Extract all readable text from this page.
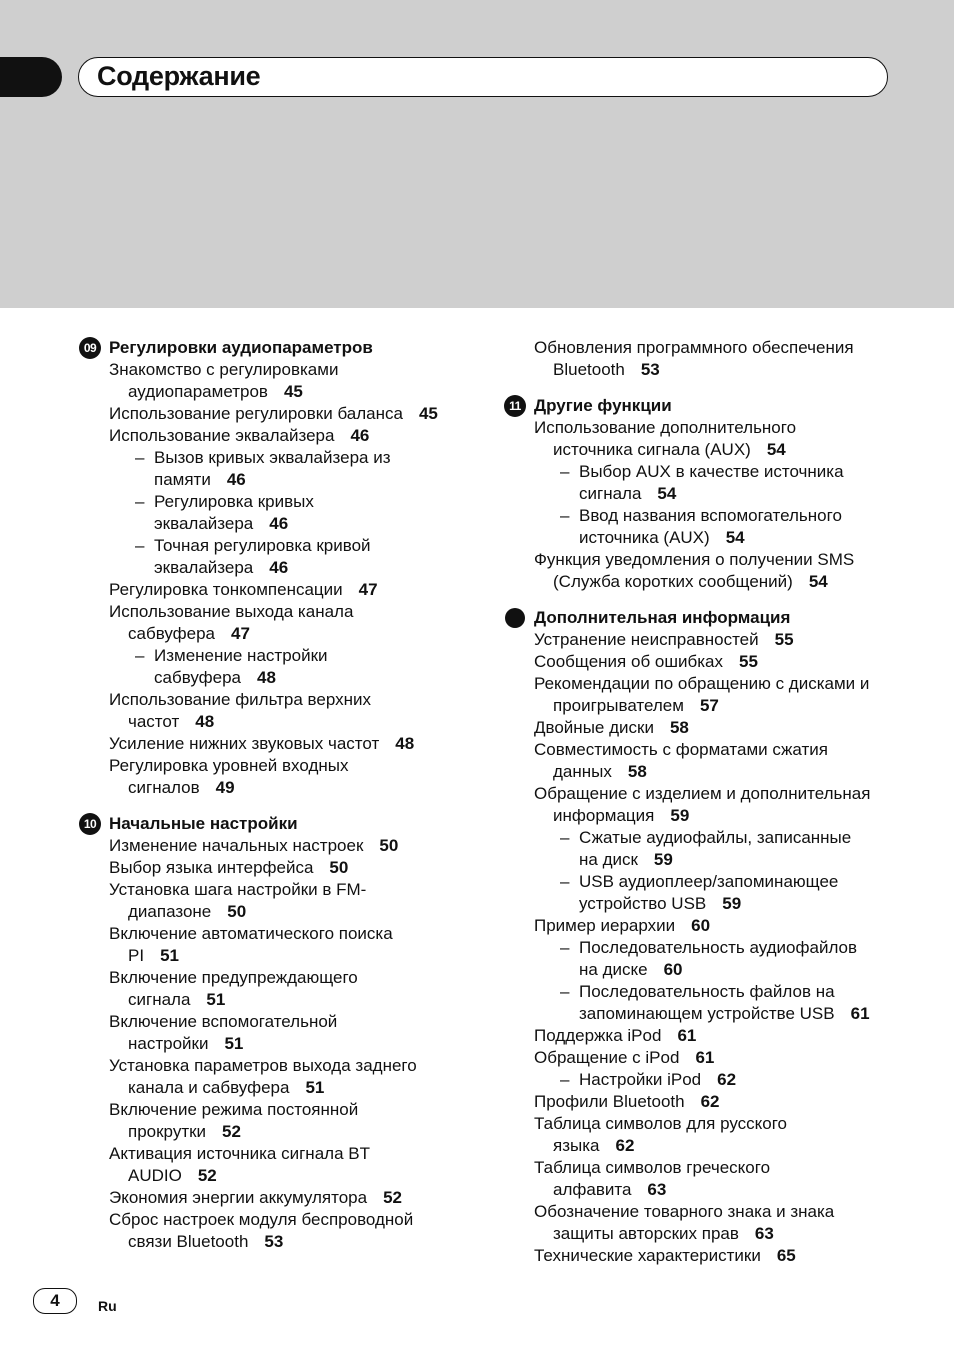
Содержание
09 Регулировки аудиопараметров
Знакомство с регулировками
аудиопараметров 45
Использование регулировки баланса 45
Использование эквалайзера 46
– Вызов кривых эквалайзера из
памяти 46
– Регулировка кривых
эквалайзера 46
– Точная регулировка кривой
эквалайзера 46
Регулировка тонкомпенсации 47
Использование выхода канала
сабвуфера 47
– Изменение настройки
сабвуфера 48
Использование фильтра верхних
частот 48
Усиление нижних звуковых частот 48
Регулировка уровней входных
сигналов 49
10 Начальные настройки
Изменение начальных настроек 50
Выбор языка интерфейса 50
Установка шага настройки в FM-
диапазоне 50
Включение автоматического поиска
PI 51
Включение предупреждающего
сигнала 51
Включение вспомогательной
настройки 51
Установка параметров выхода заднего
канала и сабвуфера 51
Включение режима постоянной
прокрутки 52
Активация источника сигнала BT
AUDIO 52
Экономия энергии аккумулятора 52
Сброс настроек модуля беспроводной
связи Bluetooth 53
Обновления программного обеспечения
Bluetooth 53
11 Другие функции
Использование дополнительного
источника сигнала (AUX) 54
– Выбор AUX в качестве источника
сигнала 54
– Ввод названия вспомогательного
источника (AUX) 54
Функция уведомления о получении SMS
(Служба коротких сообщений) 54
Дополнительная информация
Устранение неисправностей 55
Сообщения об ошибках 55
Рекомендации по обращению с дисками и
проигрывателем 57
Двойные диски 58
Совместимость с форматами сжатия
данных 58
Обращение с изделием и дополнительная
информация 59
– Сжатые аудиофайлы, записанные
на диск 59
– USB аудиоплеер/запоминающее
устройство USB 59
Пример иерархии 60
– Последовательность аудиофайлов
на диске 60
– Последовательность файлов на
запоминающем устройстве USB 61
Поддержка iPod 61
Обращение с iPod 61
– Настройки iPod 62
Профили Bluetooth 62
Таблица символов для русского
языка 62
Таблица символов греческого
алфавита 63
Обозначение товарного знака и знака
защиты авторских прав 63
Технические характеристики 65
4	Ru
